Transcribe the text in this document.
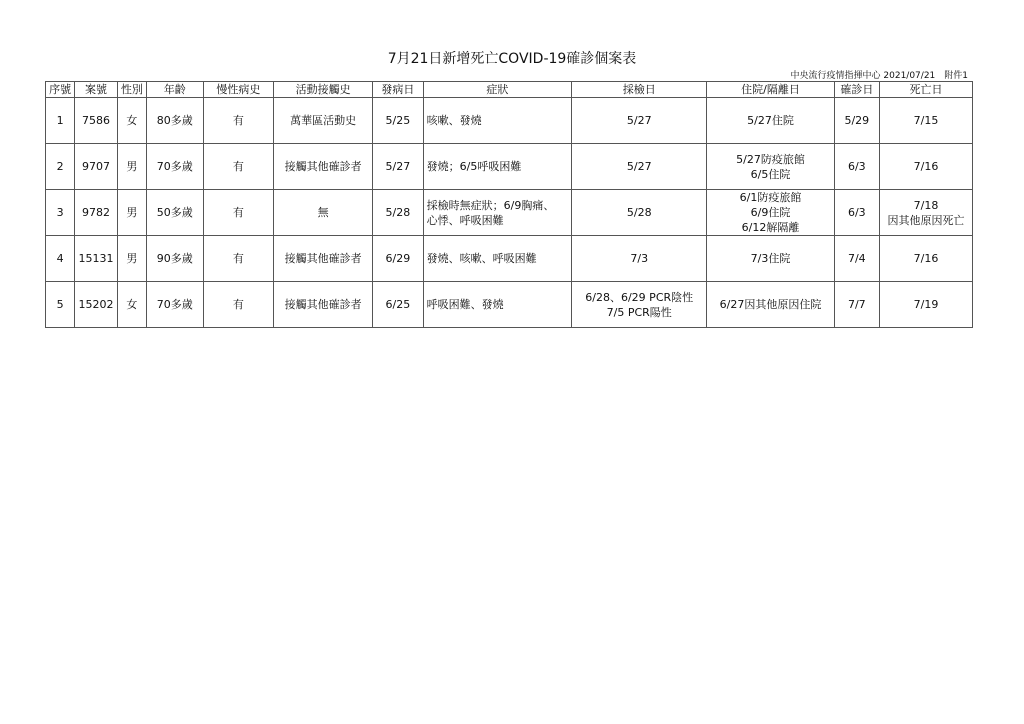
7月21日新增死亡COVID-19確診個案表
中央流行疫情指揮中心 2021/07/21　附件1
序號	案號	性別	年齡	慢性病史	活動接觸史	發病日	症狀	採檢日	住院/隔離日	確診日	死亡日
1	7586	女	80多歲	有	萬華區活動史	5/25	咳嗽、發燒	5/27	5/27住院	5/29	7/15

2	9707	男	70多歲	有	接觸其他確診者	5/27	發燒；6/5呼吸困難	5/27	5/27防疫旅館
6/5住院	6/3	7/16

3	9782	男	50多歲	有	無	5/28	採檢時無症狀；6/9胸痛、
心悸、呼吸困難	5/28	6/1防疫旅館
6/9住院
6/12解隔離	6/3	7/18
因其他原因死亡

4	15131	男	90多歲	有	接觸其他確診者	6/29	發燒、咳嗽、呼吸困難	7/3	7/3住院	7/4	7/16

5	15202	女	70多歲	有	接觸其他確診者	6/25	呼吸困難、發燒	6/28、6/29 PCR陰性
7/5 PCR陽性	6/27因其他原因住院	7/7	7/19
